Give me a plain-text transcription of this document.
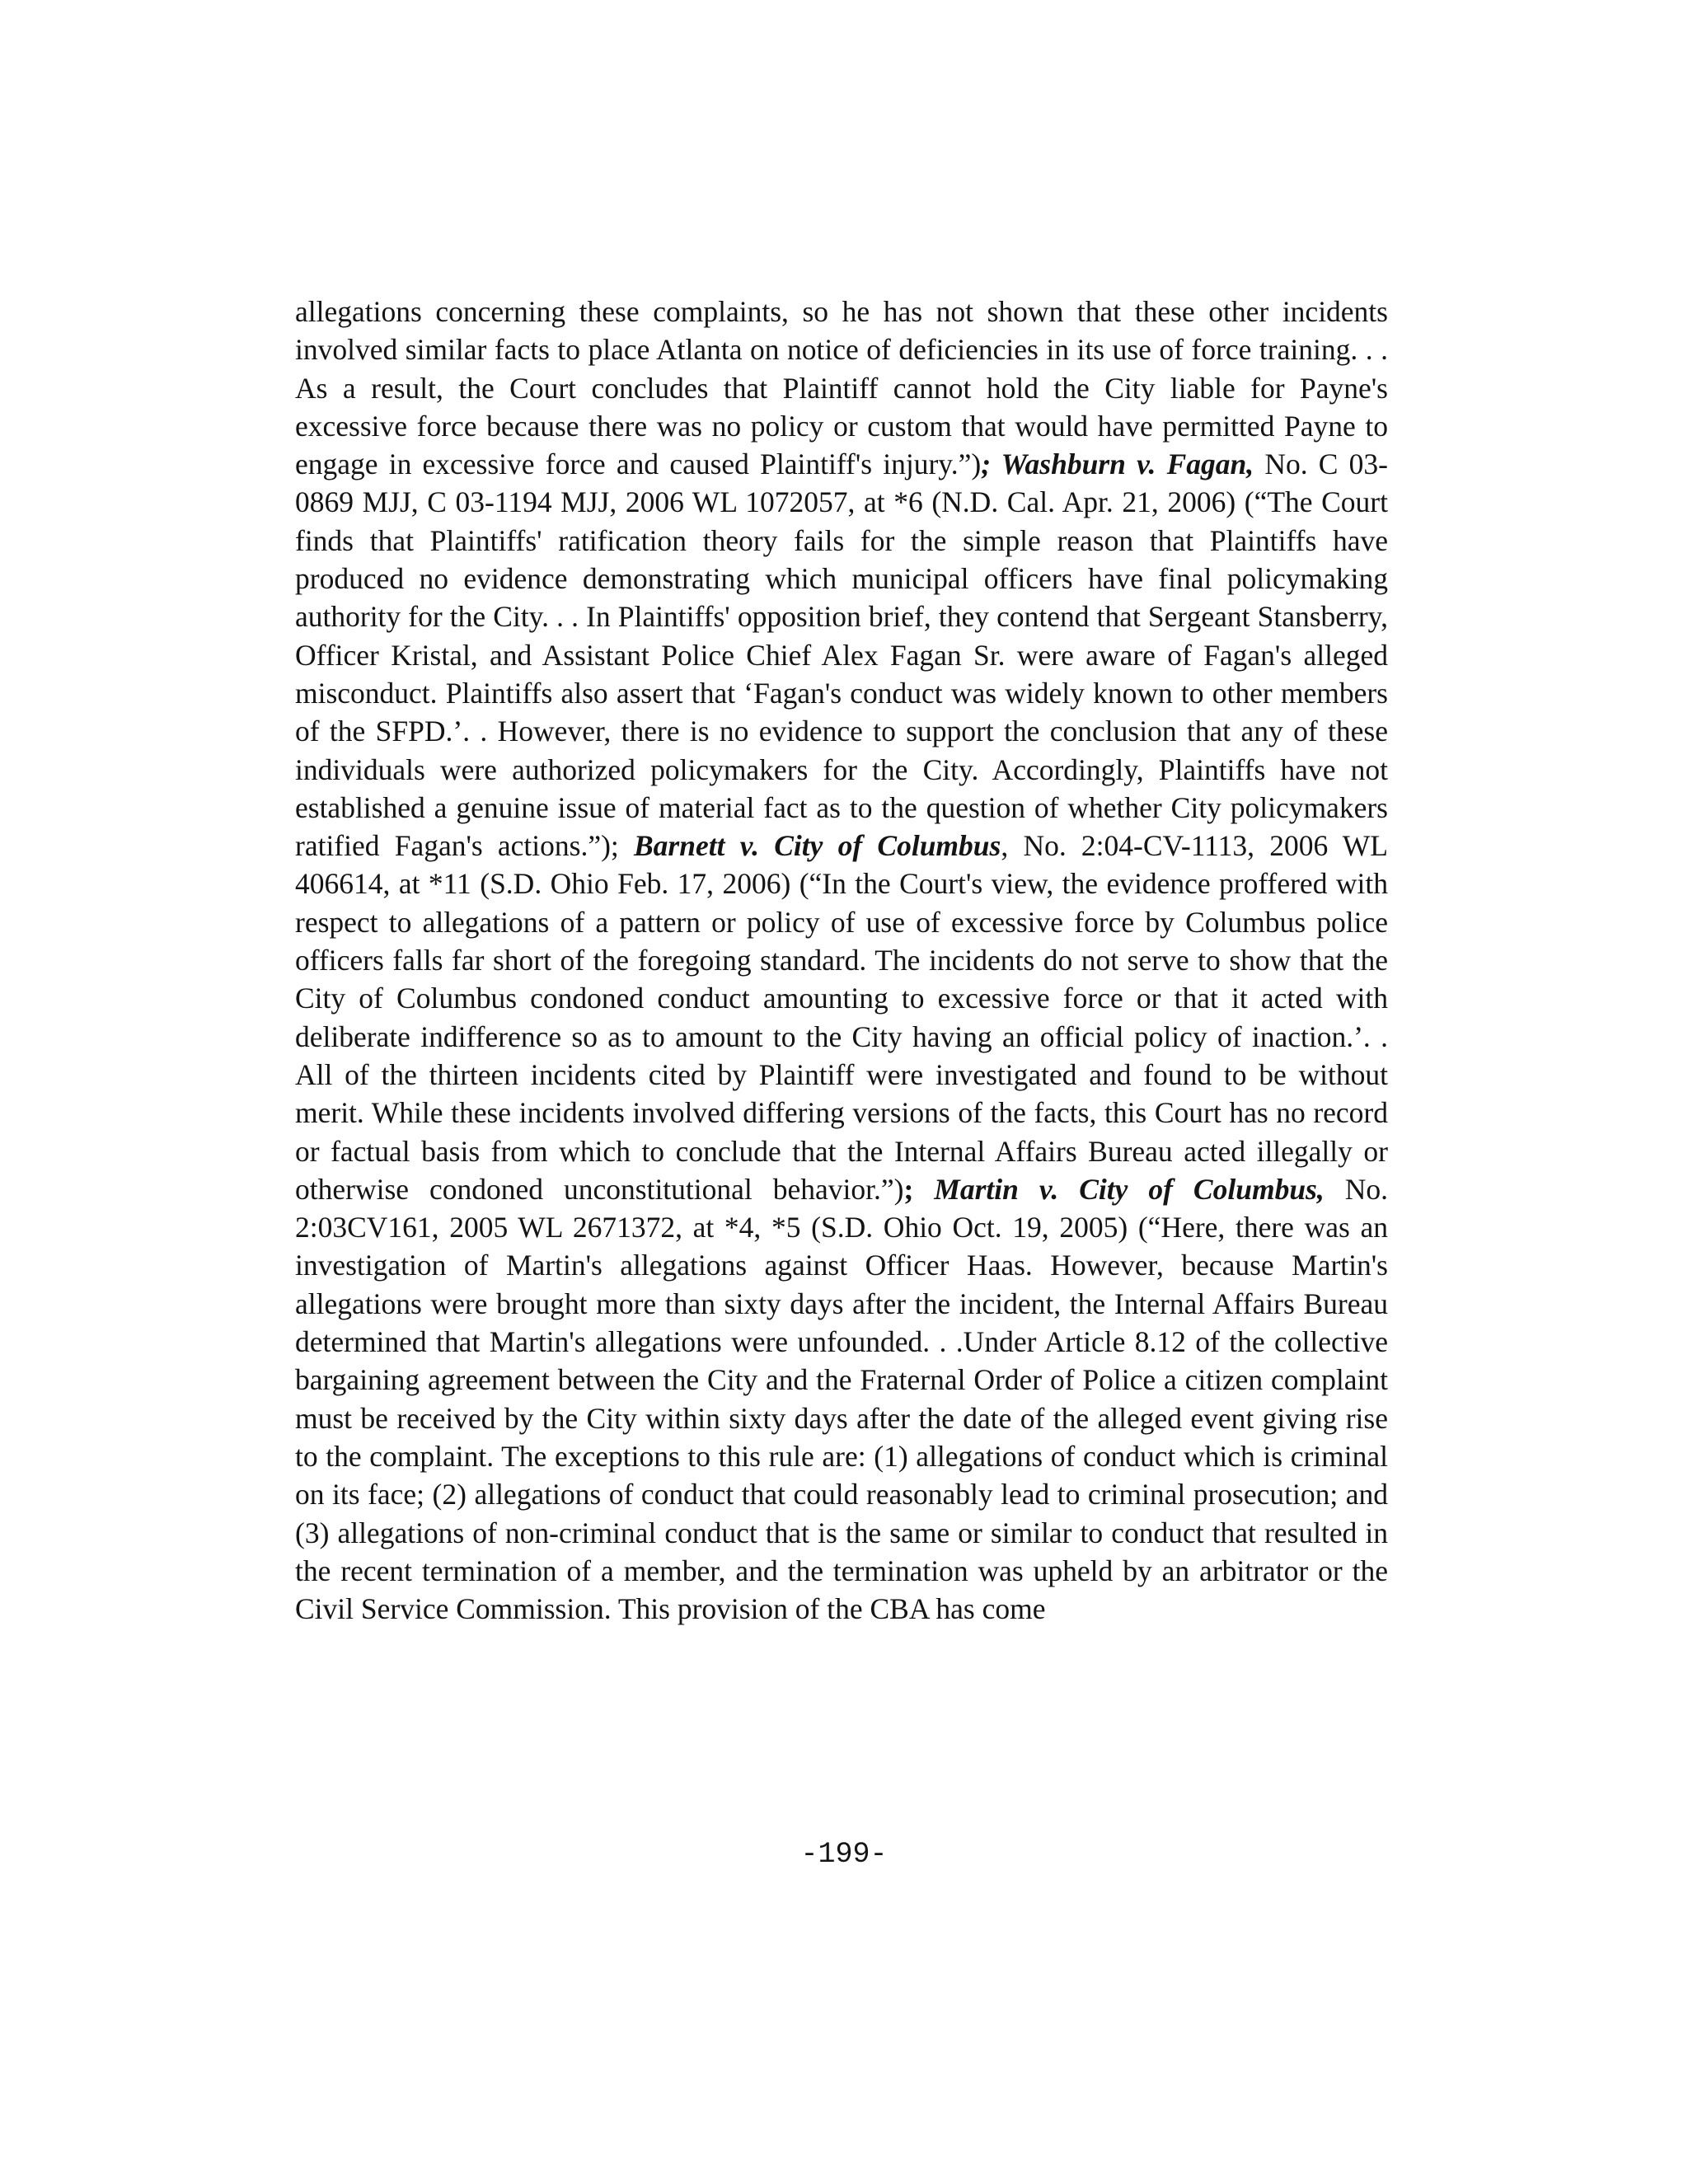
allegations concerning these complaints, so he has not shown that these other incidents involved similar facts to place Atlanta on notice of deficiencies in its use of force training. . . As a result, the Court concludes that Plaintiff cannot hold the City liable for Payne's excessive force because there was no policy or custom that would have permitted Payne to engage in excessive force and caused Plaintiff's injury.”); Washburn v. Fagan, No. C 03-0869 MJJ, C 03-1194 MJJ, 2006 WL 1072057, at *6 (N.D. Cal. Apr. 21, 2006) (“The Court finds that Plaintiffs' ratification theory fails for the simple reason that Plaintiffs have produced no evidence demonstrating which municipal officers have final policymaking authority for the City. . . In Plaintiffs' opposition brief, they contend that Sergeant Stansberry, Officer Kristal, and Assistant Police Chief Alex Fagan Sr. were aware of Fagan's alleged misconduct. Plaintiffs also assert that ‘Fagan's conduct was widely known to other members of the SFPD.’. . However, there is no evidence to support the conclusion that any of these individuals were authorized policymakers for the City. Accordingly, Plaintiffs have not established a genuine issue of material fact as to the question of whether City policymakers ratified Fagan's actions.”); Barnett v. City of Columbus, No. 2:04-CV-1113, 2006 WL 406614, at *11 (S.D. Ohio Feb. 17, 2006) (“In the Court's view, the evidence proffered with respect to allegations of a pattern or policy of use of excessive force by Columbus police officers falls far short of the foregoing standard. The incidents do not serve to show that the City of Columbus condoned conduct amounting to excessive force or that it acted with deliberate indifference so as to amount to the City having an official policy of inaction.’. . All of the thirteen incidents cited by Plaintiff were investigated and found to be without merit. While these incidents involved differing versions of the facts, this Court has no record or factual basis from which to conclude that the Internal Affairs Bureau acted illegally or otherwise condoned unconstitutional behavior.”); Martin v. City of Columbus, No. 2:03CV161, 2005 WL 2671372, at *4, *5 (S.D. Ohio Oct. 19, 2005) (“Here, there was an investigation of Martin's allegations against Officer Haas. However, because Martin's allegations were brought more than sixty days after the incident, the Internal Affairs Bureau determined that Martin's allegations were unfounded. . .Under Article 8.12 of the collective bargaining agreement between the City and the Fraternal Order of Police a citizen complaint must be received by the City within sixty days after the date of the alleged event giving rise to the complaint. The exceptions to this rule are: (1) allegations of conduct which is criminal on its face; (2) allegations of conduct that could reasonably lead to criminal prosecution; and (3) allegations of non-criminal conduct that is the same or similar to conduct that resulted in the recent termination of a member, and the termination was upheld by an arbitrator or the Civil Service Commission. This provision of the CBA has come

-199-
